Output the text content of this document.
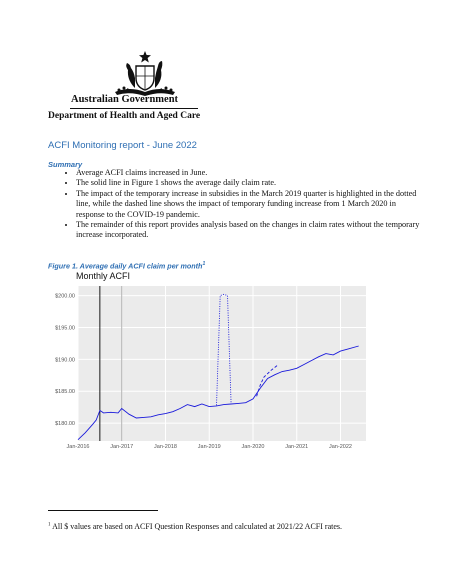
Australian Government
Department of Health and Aged Care
ACFI Monitoring report - June 2022
Summary
• Average ACFI claims increased in June.
• The solid line in Figure 1 shows the average daily claim rate.
• The impact of the temporary increase in subsidies in the March 2019 quarter is highlighted in the dotted line, while the dashed line shows the impact of temporary funding increase from 1 March 2020 in response to the COVID-19 pandemic.
• The remainder of this report provides analysis based on the changes in claim rates without the temporary increase incorporated.
Figure 1. Average daily ACFI claim per month$^1$
Monthly ACFI
$180.00
$185.00
$190.00
$195.00
$200.00
Jan-2016	Jan-2017	Jan-2018	Jan-2019	Jan-2020	Jan-2021	Jan-2022
$^1$ All $ values are based on ACFI Question Responses and calculated at 2021/22 ACFI rates.
